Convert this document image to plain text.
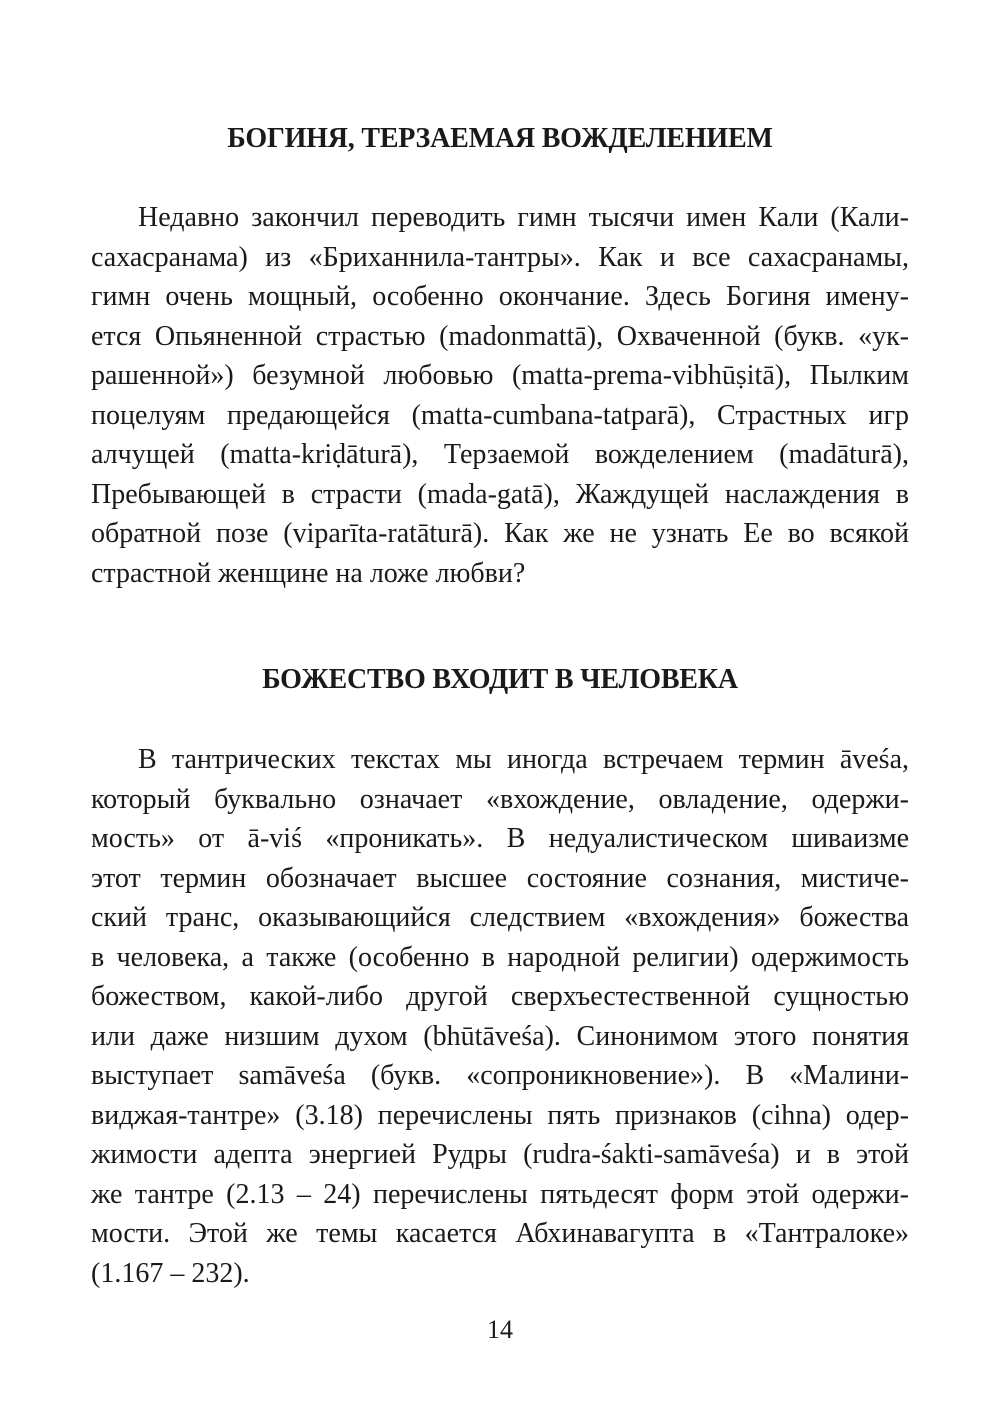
БОГИНЯ, ТЕРЗАЕМАЯ ВОЖДЕЛЕНИЕМ
Недавно закончил переводить гимн тысячи имен Кали (Кали-
сахасранама) из «Бриханнила-тантры». Как и все сахасранамы,
гимн очень мощный, особенно окончание. Здесь Богиня имену-
ется Опьяненной страстью (madonmattā), Охваченной (букв. «ук-
рашенной») безумной любовью (matta-prema-vibhūṣitā), Пылким
поцелуям предающейся (matta-cumbana-tatparā), Страстных игр
алчущей (matta-kriḍāturā), Терзаемой вожделением (madāturā),
Пребывающей в страсти (mada-gatā), Жаждущей наслаждения в
обратной позе (viparīta-ratāturā). Как же не узнать Ее во всякой
страстной женщине на ложе любви?
БОЖЕСТВО ВХОДИТ В ЧЕЛОВЕКА
В тантрических текстах мы иногда встречаем термин āveśa,
который буквально означает «вхождение, овладение, одержи-
мость» от ā-viś «проникать». В недуалистическом шиваизме
этот термин обозначает высшее состояние сознания, мистиче-
ский транс, оказывающийся следствием «вхождения» божества
в человека, а также (особенно в народной религии) одержимость
божеством, какой-либо другой сверхъестественной сущностью
или даже низшим духом (bhūtāveśa). Синонимом этого понятия
выступает samāveśa (букв. «сопроникновение»). В «Малини-
виджая-тантре» (3.18) перечислены пять признаков (cihna) одер-
жимости адепта энергией Рудры (rudra-śakti-samāveśa) и в этой
же тантре (2.13 – 24) перечислены пятьдесят форм этой одержи-
мости. Этой же темы касается Абхинавагупта в «Тантралоке»
(1.167 – 232).

14
